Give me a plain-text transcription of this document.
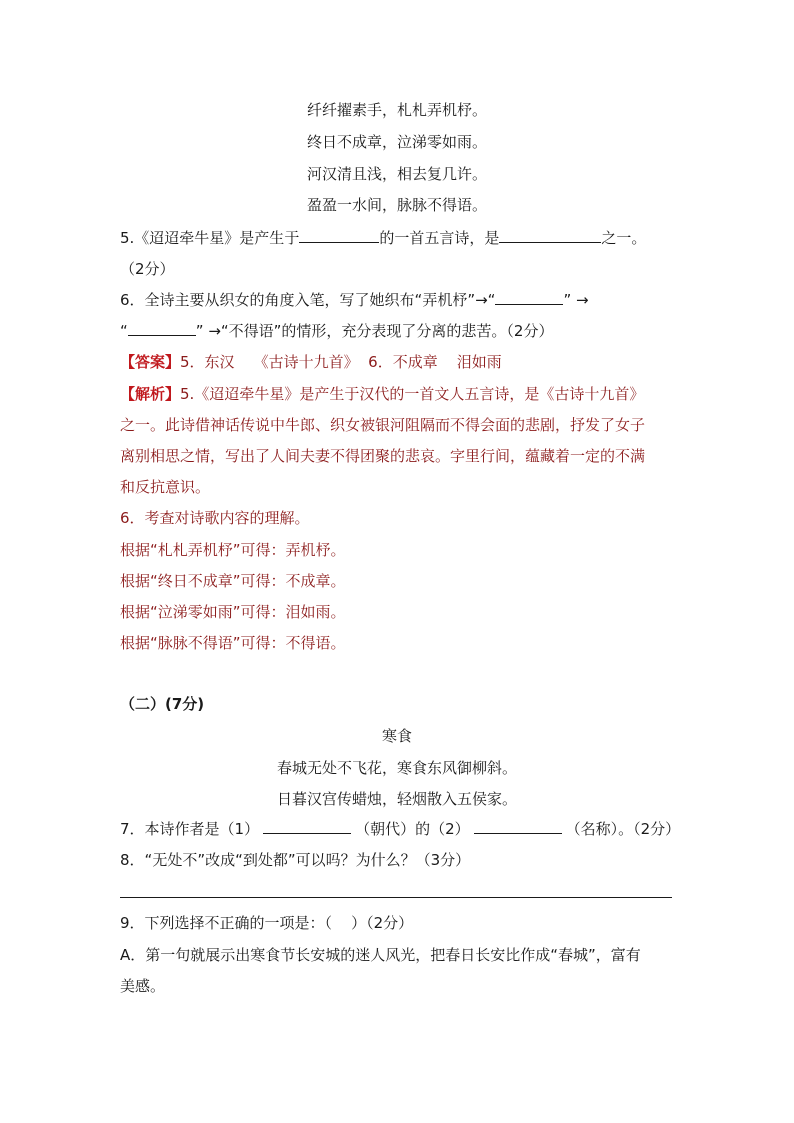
纤纤擢素手，札札弄机杼。
终日不成章，泣涕零如雨。
河汉清且浅，相去复几许。
盈盈一水间，脉脉不得语。
5.《迢迢牵牛星》是产生于	的一首五言诗，是	之一。
（2分）
6．全诗主要从织女的角度入笔，写了她织布“弄机杼”→“	” →
“	” →“不得语”的情形，充分表现了分离的悲苦。（2分）
【答案】5．东汉    《古诗十九首》  6．不成章    泪如雨
【解析】5.《迢迢牵牛星》是产生于汉代的一首文人五言诗，是《古诗十九首》
之一。此诗借神话传说中牛郎、织女被银河阻隔而不得会面的悲剧，抒发了女子
离别相思之情，写出了人间夫妻不得团聚的悲哀。字里行间，蕴藏着一定的不满
和反抗意识。
6．考查对诗歌内容的理解。
根据“札札弄机杼”可得：弄机杼。
根据“终日不成章”可得：不成章。
根据“泣涕零如雨”可得：泪如雨。
根据“脉脉不得语”可得：不得语。
（二）(7分)
寒食
春城无处不飞花，寒食东风御柳斜。
日暮汉宫传蜡烛，轻烟散入五侯家。
7．本诗作者是（1）	（朝代）的（2）	（名称）。（2分）
8．“无处不”改成“到处都”可以吗？为什么？（3分）
9．下列选择不正确的一项是：（    ）（2分）
A．第一句就展示出寒食节长安城的迷人风光，把春日长安比作成“春城”，富有
美感。
